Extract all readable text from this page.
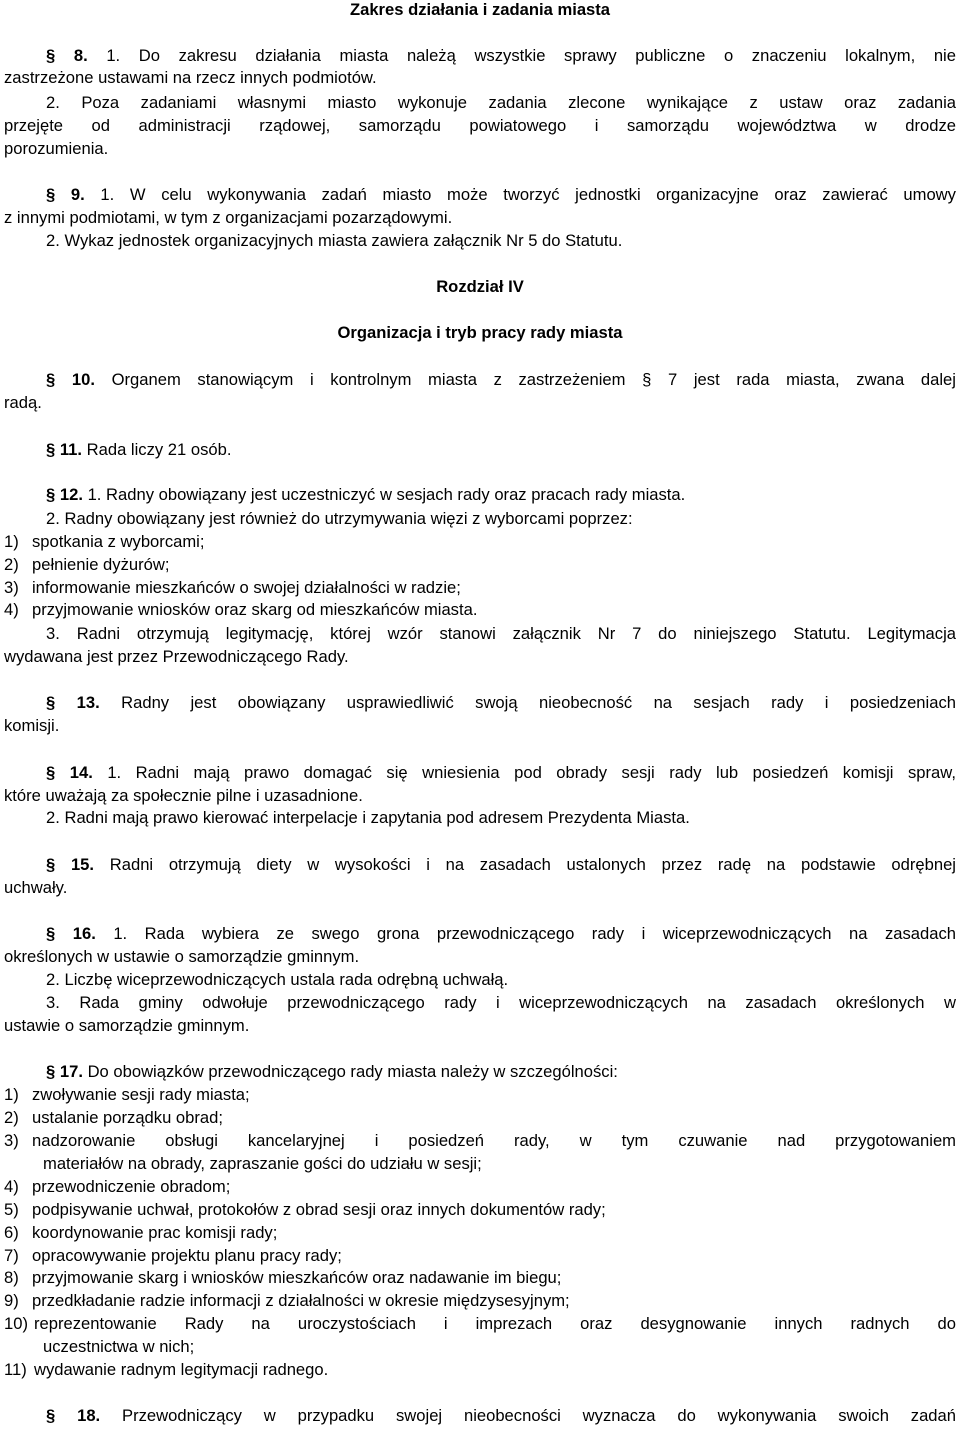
Zakres działania i zadania miasta
§ 8. 1. Do zakresu działania miasta należą wszystkie sprawy publiczne o znaczeniu lokalnym, nie
zastrzeżone ustawami na rzecz innych podmiotów.
2. Poza zadaniami własnymi miasto wykonuje zadania zlecone wynikające z ustaw oraz zadania
przejęte od administracji rządowej, samorządu powiatowego i samorządu województwa w drodze
porozumienia.
§ 9. 1. W celu wykonywania zadań miasto może tworzyć jednostki organizacyjne oraz zawierać umowy
z innymi podmiotami, w tym z organizacjami pozarządowymi.
2. Wykaz jednostek organizacyjnych miasta zawiera załącznik Nr 5 do Statutu.
Rozdział IV
Organizacja i tryb pracy rady miasta
§ 10. Organem stanowiącym i kontrolnym miasta z zastrzeżeniem § 7 jest rada miasta, zwana dalej
radą.
§ 11. Rada liczy 21 osób.
§ 12. 1. Radny obowiązany jest uczestniczyć w sesjach rady oraz pracach rady miasta.
2. Radny obowiązany jest również do utrzymywania więzi z wyborcami poprzez:
1) spotkania z wyborcami;
2) pełnienie dyżurów;
3) informowanie mieszkańców o swojej działalności w radzie;
4) przyjmowanie wniosków oraz skarg od mieszkańców miasta.
3. Radni otrzymują legitymację, której wzór stanowi załącznik Nr 7 do niniejszego Statutu. Legitymacja
wydawana jest przez Przewodniczącego Rady.
§ 13. Radny jest obowiązany usprawiedliwić swoją nieobecność na sesjach rady i posiedzeniach
komisji.
§ 14. 1. Radni mają prawo domagać się wniesienia pod obrady sesji rady lub posiedzeń komisji spraw,
które uważają za społecznie pilne i uzasadnione.
2. Radni mają prawo kierować interpelacje i zapytania pod adresem Prezydenta Miasta.
§ 15. Radni otrzymują diety w wysokości i na zasadach ustalonych przez radę na podstawie odrębnej
uchwały.
§ 16. 1. Rada wybiera ze swego grona przewodniczącego rady i wiceprzewodniczących na zasadach
określonych w ustawie o samorządzie gminnym.
2. Liczbę wiceprzewodniczących ustala rada odrębną uchwałą.
3. Rada gminy odwołuje przewodniczącego rady i wiceprzewodniczących na zasadach określonych w
ustawie o samorządzie gminnym.
§ 17. Do obowiązków przewodniczącego rady miasta należy w szczególności:
1) zwoływanie sesji rady miasta;
2) ustalanie porządku obrad;
3) nadzorowanie obsługi kancelaryjnej i posiedzeń rady, w tym czuwanie nad przygotowaniem
materiałów na obrady, zapraszanie gości do udziału w sesji;
4) przewodniczenie obradom;
5) podpisywanie uchwał, protokołów z obrad sesji oraz innych dokumentów rady;
6) koordynowanie prac komisji rady;
7) opracowywanie projektu planu pracy rady;
8) przyjmowanie skarg i wniosków mieszkańców oraz nadawanie im biegu;
9) przedkładanie radzie informacji z działalności w okresie międzysesyjnym;
10) reprezentowanie Rady na uroczystościach i imprezach oraz desygnowanie innych radnych do
uczestnictwa w nich;
11) wydawanie radnym legitymacji radnego.
§ 18. Przewodniczący w przypadku swojej nieobecności wyznacza do wykonywania swoich zadań
